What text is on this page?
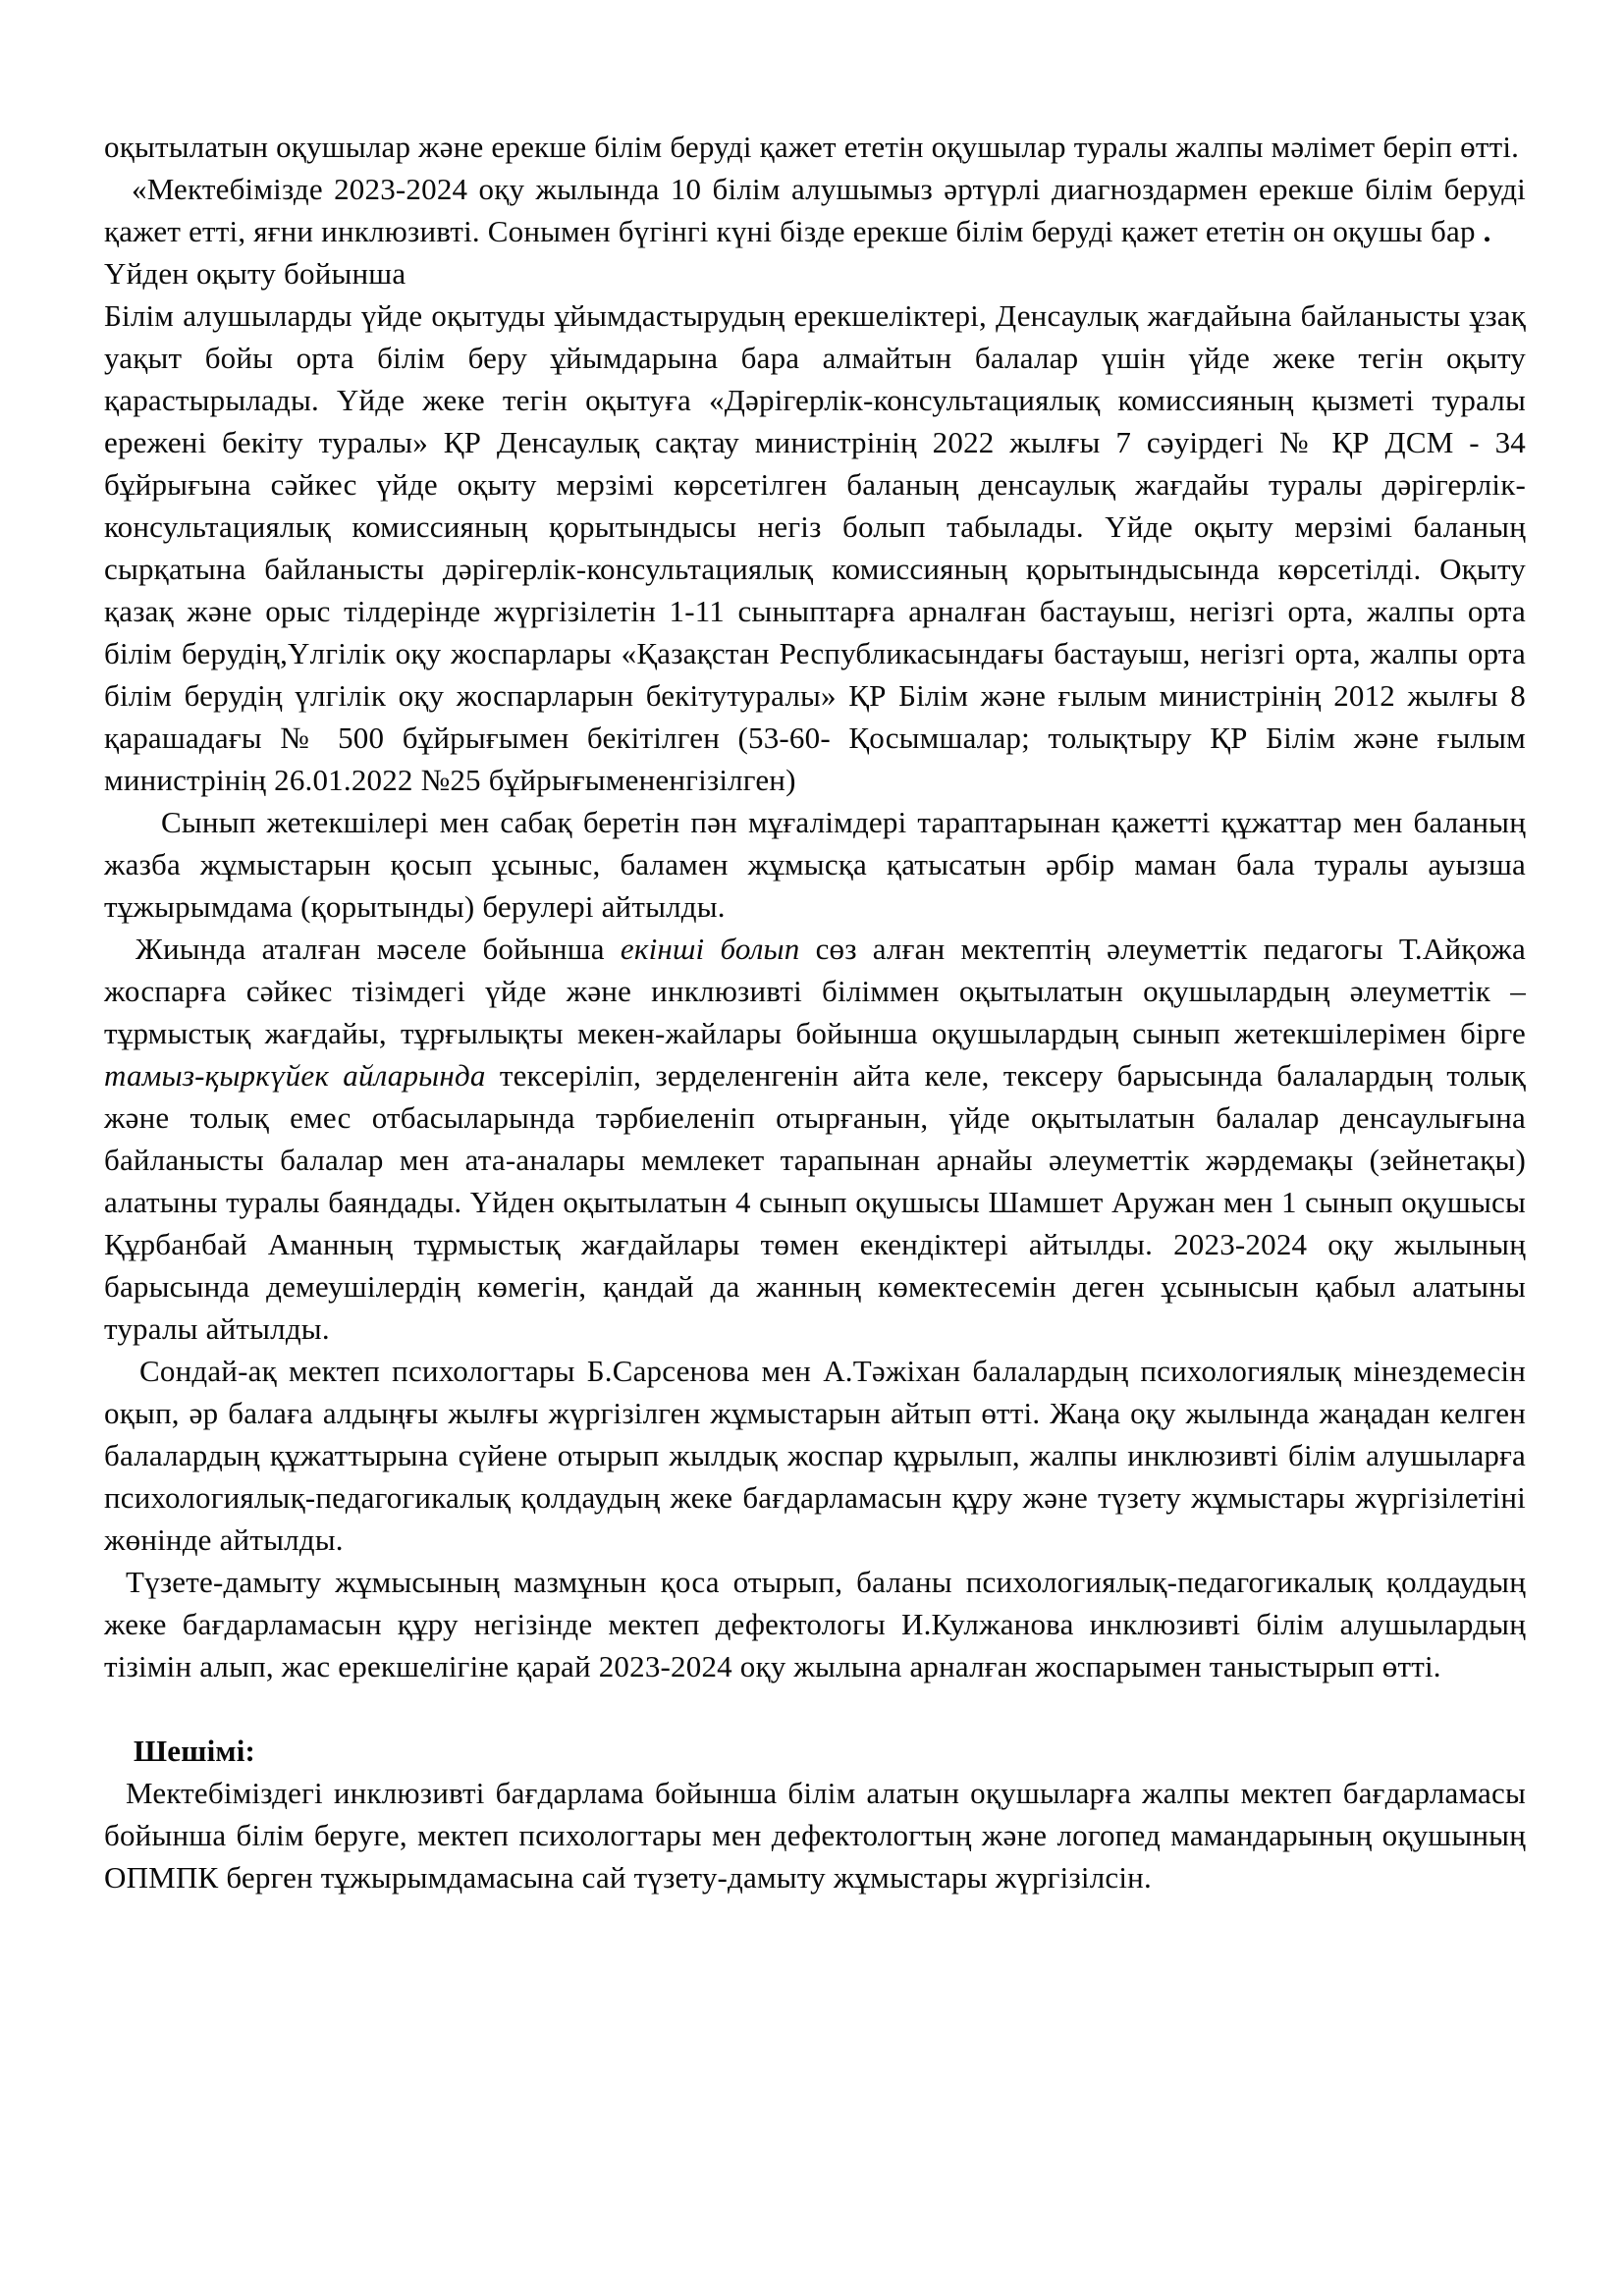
оқытылатын оқушылар және ерекше білім беруді қажет ететін оқушылар туралы жалпы мәлімет беріп өтті.

«Мектебімізде 2023-2024 оқу жылында 10 білім алушымыз әртүрлі диагноздармен ерекше білім беруді қажет етті, яғни инклюзивті. Сонымен бүгінгі күні бізде ерекше білім беруді қажет ететін он оқушы бар .

Үйден оқыту бойынша

Білім алушыларды үйде оқытуды ұйымдастырудың ерекшеліктері, Денсаулық жағдайына байланысты ұзақ уақыт бойы орта білім беру ұйымдарына бара алмайтын балалар үшін үйде жеке тегін оқыту қарастырылады. Үйде жеке тегін оқытуға «Дәрігерлік-консультациялық комиссияның қызметі туралы ережені бекіту туралы» ҚР Денсаулық сақтау министрінің 2022 жылғы 7 сәуірдегі № ҚР ДСМ - 34 бұйрығына сәйкес үйде оқыту мерзімі көрсетілген баланың денсаулық жағдайы туралы дәрігерлік-консультациялық комиссияның қорытындысы негіз болып табылады. Үйде оқыту мерзімі баланың сырқатына байланысты дәрігерлік-консультациялық комиссияның қорытындысында көрсетілді. Оқыту қазақ және орыс тілдерінде жүргізілетін 1-11 сыныптарға арналған бастауыш, негізгі орта, жалпы орта білім берудің,Үлгілік оқу жоспарлары «Қазақстан Республикасындағы бастауыш, негізгі орта, жалпы орта білім берудің үлгілік оқу жоспарларын бекітутуралы» ҚР Білім және ғылым министрінің 2012 жылғы 8 қарашадағы № 500 бұйрығымен бекітілген (53-60- Қосымшалар; толықтыру ҚР Білім және ғылым министрінің 26.01.2022 №25 бұйрығымененгізілген)

Сынып жетекшілері мен сабақ беретін пән мұғалімдері тараптарынан қажетті құжаттар мен баланың жазба жұмыстарын қосып ұсыныс, баламен жұмысқа қатысатын әрбір маман бала туралы ауызша тұжырымдама (қорытынды) берулері айтылды.

Жиында аталған мәселе бойынша екінші болып сөз алған мектептің әлеуметтік педагогы Т.Айқожа жоспарға сәйкес тізімдегі үйде және инклюзивті біліммен оқытылатын оқушылардың әлеуметтік – тұрмыстық жағдайы, тұрғылықты мекен-жайлары бойынша оқушылардың сынып жетекшілерімен бірге тамыз-қыркүйек айларында тексеріліп, зерделенгенін айта келе, тексеру барысында балалардың толық және толық емес отбасыларында тәрбиеленіп отырғанын, үйде оқытылатын балалар денсаулығына байланысты балалар мен ата-аналары мемлекет тарапынан арнайы әлеуметтік жәрдемақы (зейнетақы) алатыны туралы баяндады. Үйден оқытылатын 4 сынып оқушысы Шамшет Аружан мен 1 сынып оқушысы Құрбанбай Аманның тұрмыстық жағдайлары төмен екендіктері айтылды. 2023-2024 оқу жылының барысында демеушілердің көмегін, қандай да жанның көмектесемін деген ұсынысын қабыл алатыны туралы айтылды.

Сондай-ақ мектеп психологтары Б.Сарсенова мен А.Тәжіхан балалардың психологиялық мінездемесін оқып, әр балаға алдыңғы жылғы жүргізілген жұмыстарын айтып өтті. Жаңа оқу жылында жаңадан келген балалардың құжаттырына сүйене отырып жылдық жоспар құрылып, жалпы инклюзивті білім алушыларға психологиялық-педагогикалық қолдаудың жеке бағдарламасын құру және түзету жұмыстары жүргізілетіні жөнінде айтылды.

Түзете-дамыту жұмысының мазмұнын қоса отырып, баланы психологиялық-педагогикалық қолдаудың жеке бағдарламасын құру негізінде мектеп дефектологы И.Кулжанова инклюзивті білім алушылардың тізімін алып, жас ерекшелігіне қарай 2023-2024 оқу жылына арналған жоспарымен таныстырып өтті.

Шешімі:

Мектебіміздегі инклюзивті бағдарлама бойынша білім алатын оқушыларға жалпы мектеп бағдарламасы бойынша білім беруге, мектеп психологтары мен дефектологтың және логопед мамандарының оқушының ОПМПК берген тұжырымдамасына сай түзету-дамыту жұмыстары жүргізілсін.
